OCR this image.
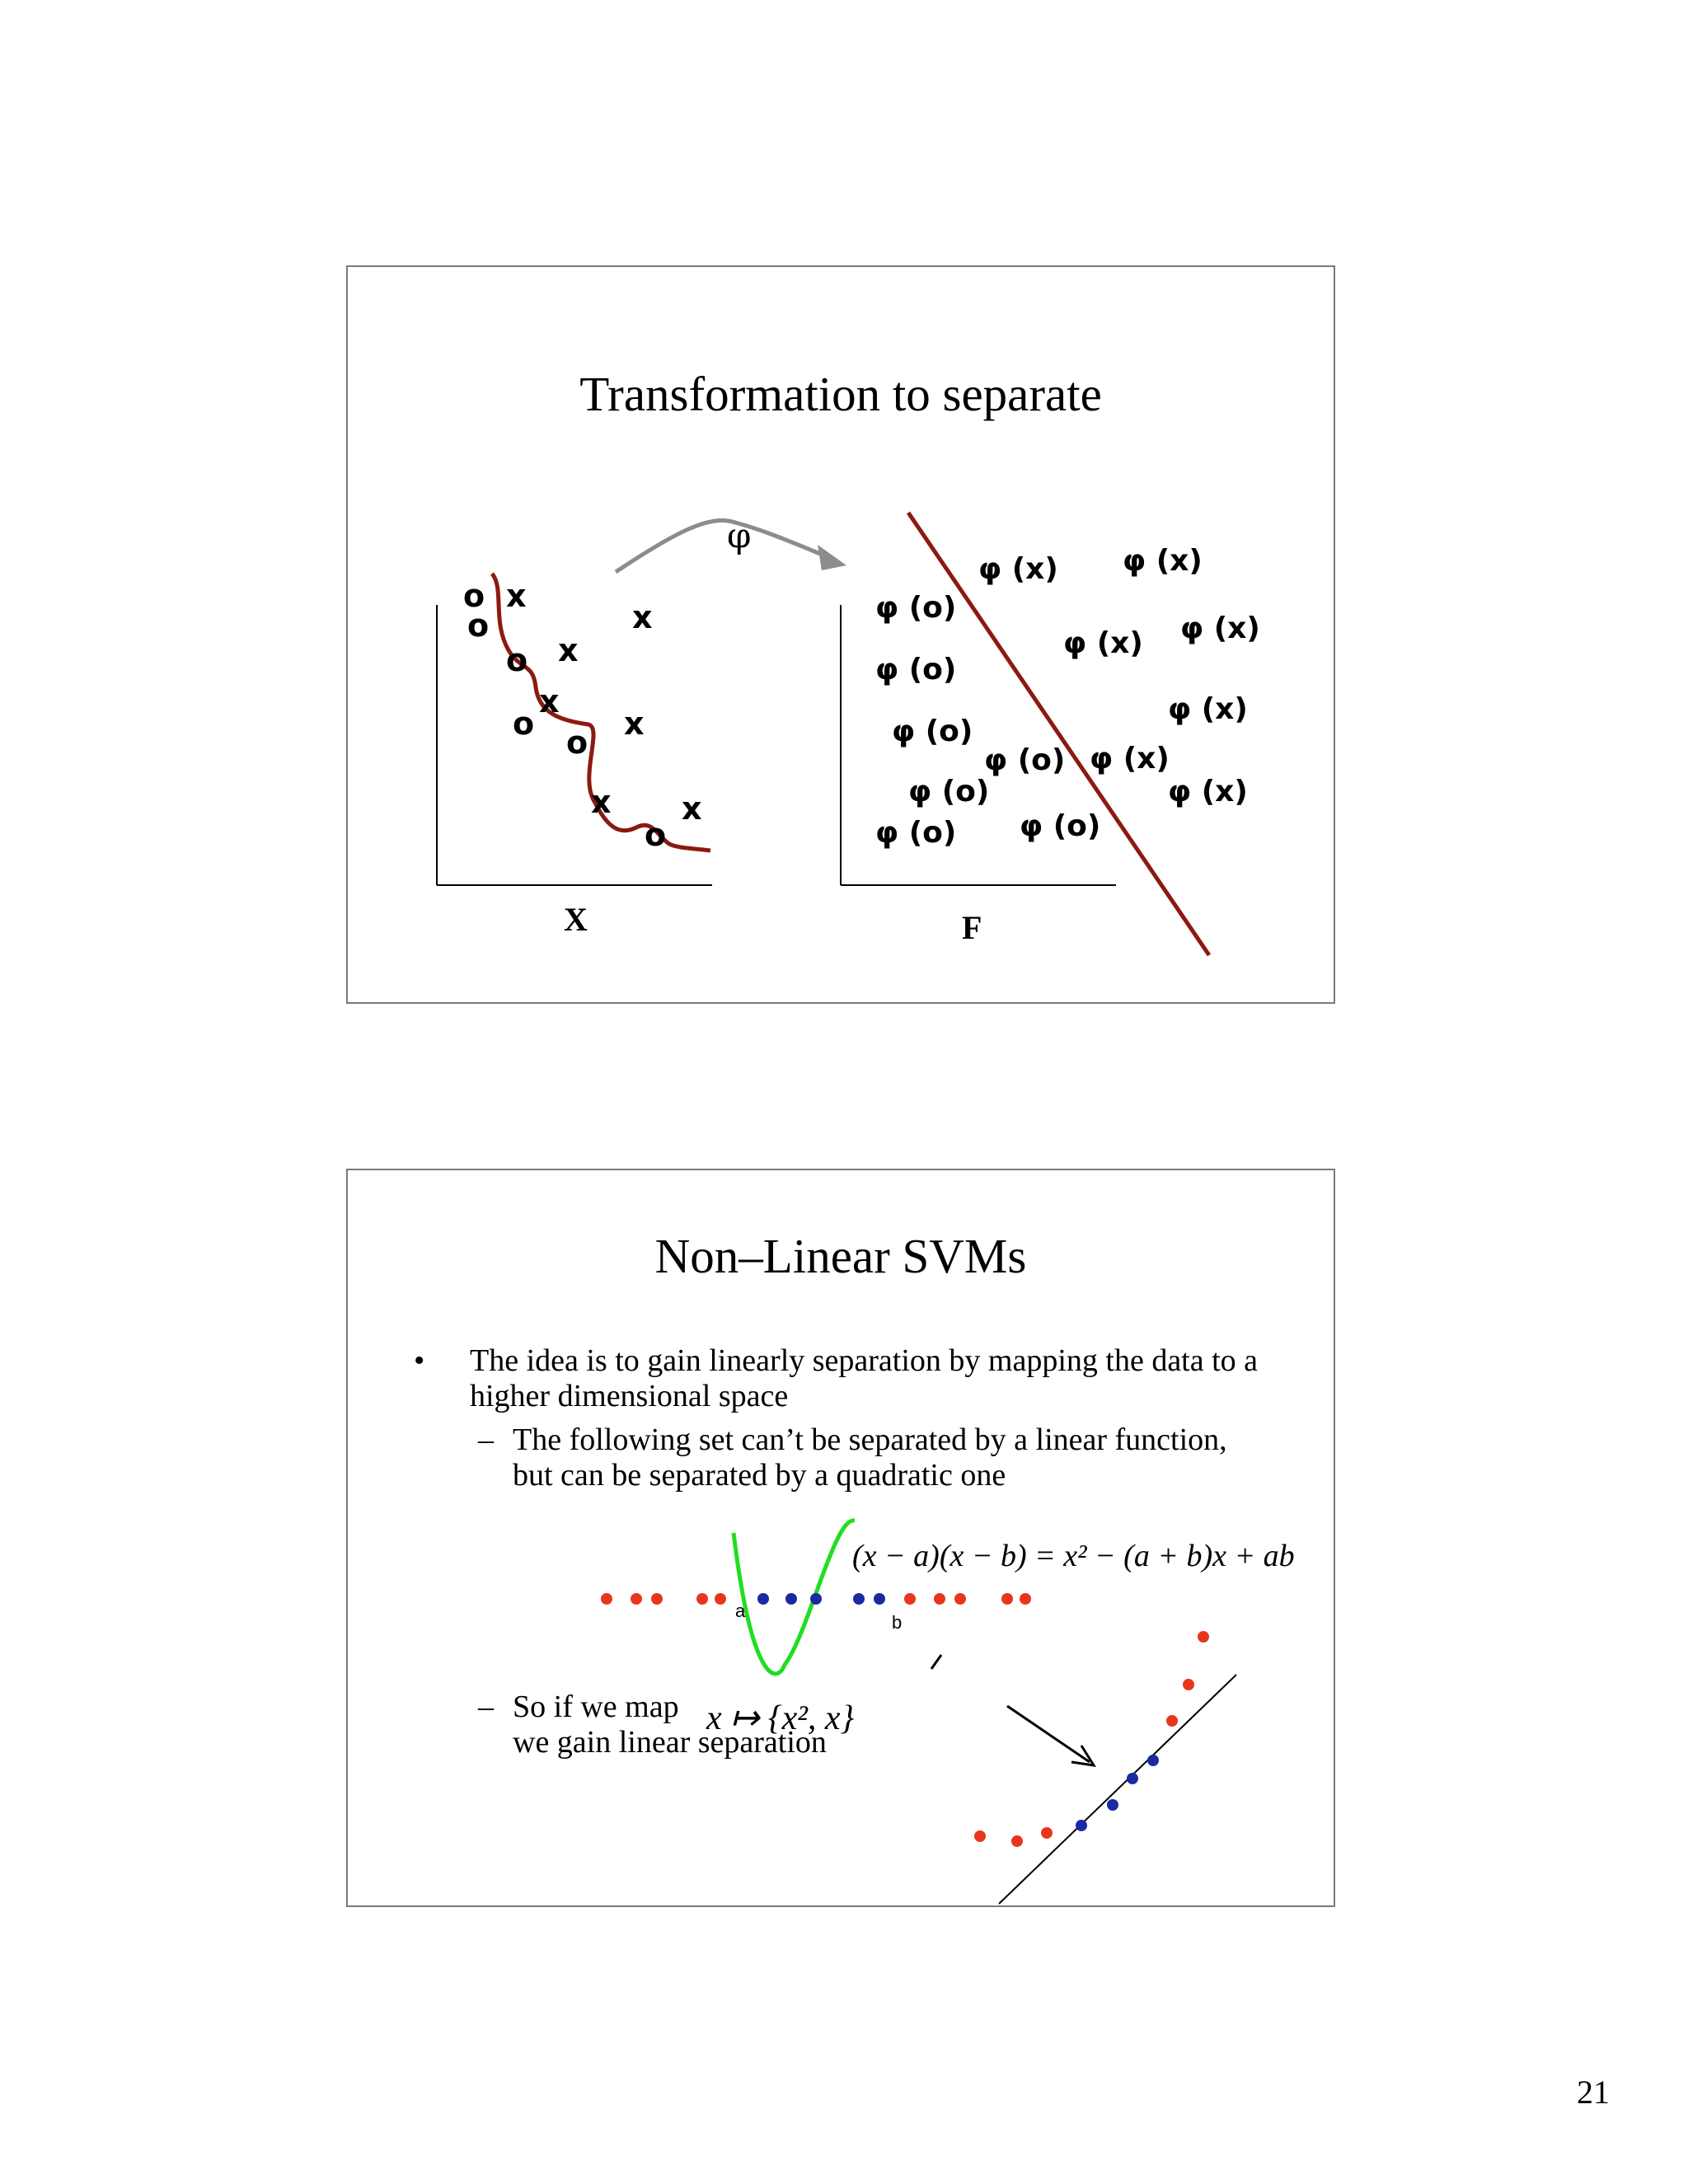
Transformation to separate
φ
o
o
x
x
x
o
x
o	x
o
x x
o
X
φ (x) φ (x)
φ (o)
φ (x)
φ (x)
φ (o)
φ (x)
φ (o)
φ (o) φ (x)
φ (o)	φ (x)
φ (o) φ (o)
F
Non–Linear SVMs
• The idea is to gain linearly separation by mapping the data to a higher dimensional space
– The following set can’t be separated by a linear function,
but can be separated by a quadratic one
(x − a)(x − b) = x² − (a + b)x + ab
a
b
x ↦ {x², x}
– So if we map
we gain linear separation
21
